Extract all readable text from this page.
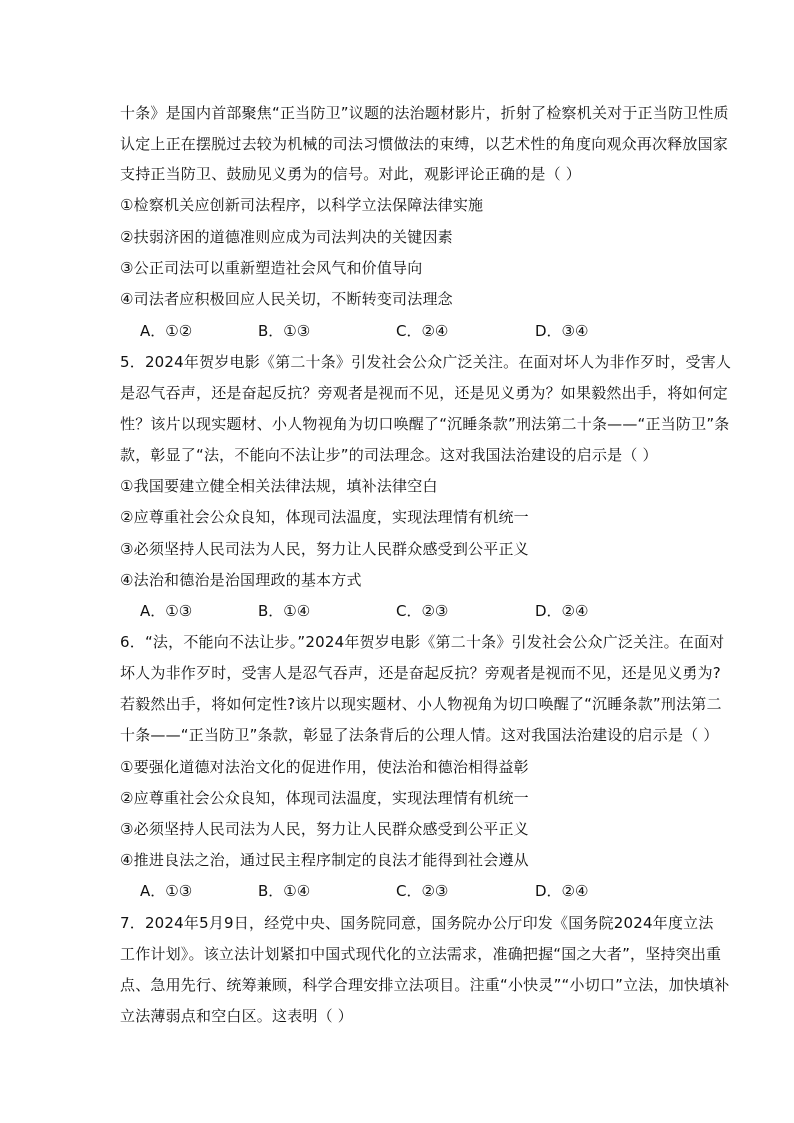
十条》是国内首部聚焦“正当防卫”议题的法治题材影片，折射了检察机关对于正当防卫性质
认定上正在摆脱过去较为机械的司法习惯做法的束缚，以艺术性的角度向观众再次释放国家
支持正当防卫、鼓励见义勇为的信号。对此，观影评论正确的是（ ）
①检察机关应创新司法程序，以科学立法保障法律实施
②扶弱济困的道德准则应成为司法判决的关键因素
③公正司法可以重新塑造社会风气和价值导向
④司法者应积极回应人民关切，不断转变司法理念
A．①②	B．①③	C．②④	D．③④
5．2024年贺岁电影《第二十条》引发社会公众广泛关注。在面对坏人为非作歹时，受害人
是忍气吞声，还是奋起反抗？旁观者是视而不见，还是见义勇为？如果毅然出手，将如何定
性？该片以现实题材、小人物视角为切口唤醒了“沉睡条款”刑法第二十条——“正当防卫”条
款，彰显了“法，不能向不法让步”的司法理念。这对我国法治建设的启示是（ ）
①我国要建立健全相关法律法规，填补法律空白
②应尊重社会公众良知，体现司法温度，实现法理情有机统一
③必须坚持人民司法为人民，努力让人民群众感受到公平正义
④法治和德治是治国理政的基本方式
A．①③	B．①④	C．②③	D．②④
6．“法，不能向不法让步。”2024年贺岁电影《第二十条》引发社会公众广泛关注。在面对
坏人为非作歹时，受害人是忍气吞声，还是奋起反抗？旁观者是视而不见，还是见义勇为?
若毅然出手，将如何定性?该片以现实题材、小人物视角为切口唤醒了“沉睡条款”刑法第二
十条——“正当防卫”条款，彰显了法条背后的公理人情。这对我国法治建设的启示是（ ）
①要强化道德对法治文化的促进作用，使法治和德治相得益彰
②应尊重社会公众良知，体现司法温度，实现法理情有机统一
③必须坚持人民司法为人民，努力让人民群众感受到公平正义
④推进良法之治，通过民主程序制定的良法才能得到社会遵从
A．①③	B．①④	C．②③	D．②④
7．2024年5月9日，经党中央、国务院同意，国务院办公厅印发《国务院2024年度立法
工作计划》。该立法计划紧扣中国式现代化的立法需求，准确把握“国之大者”，坚持突出重
点、急用先行、统筹兼顾，科学合理安排立法项目。注重“小快灵”“小切口”立法，加快填补
立法薄弱点和空白区。这表明（ ）
